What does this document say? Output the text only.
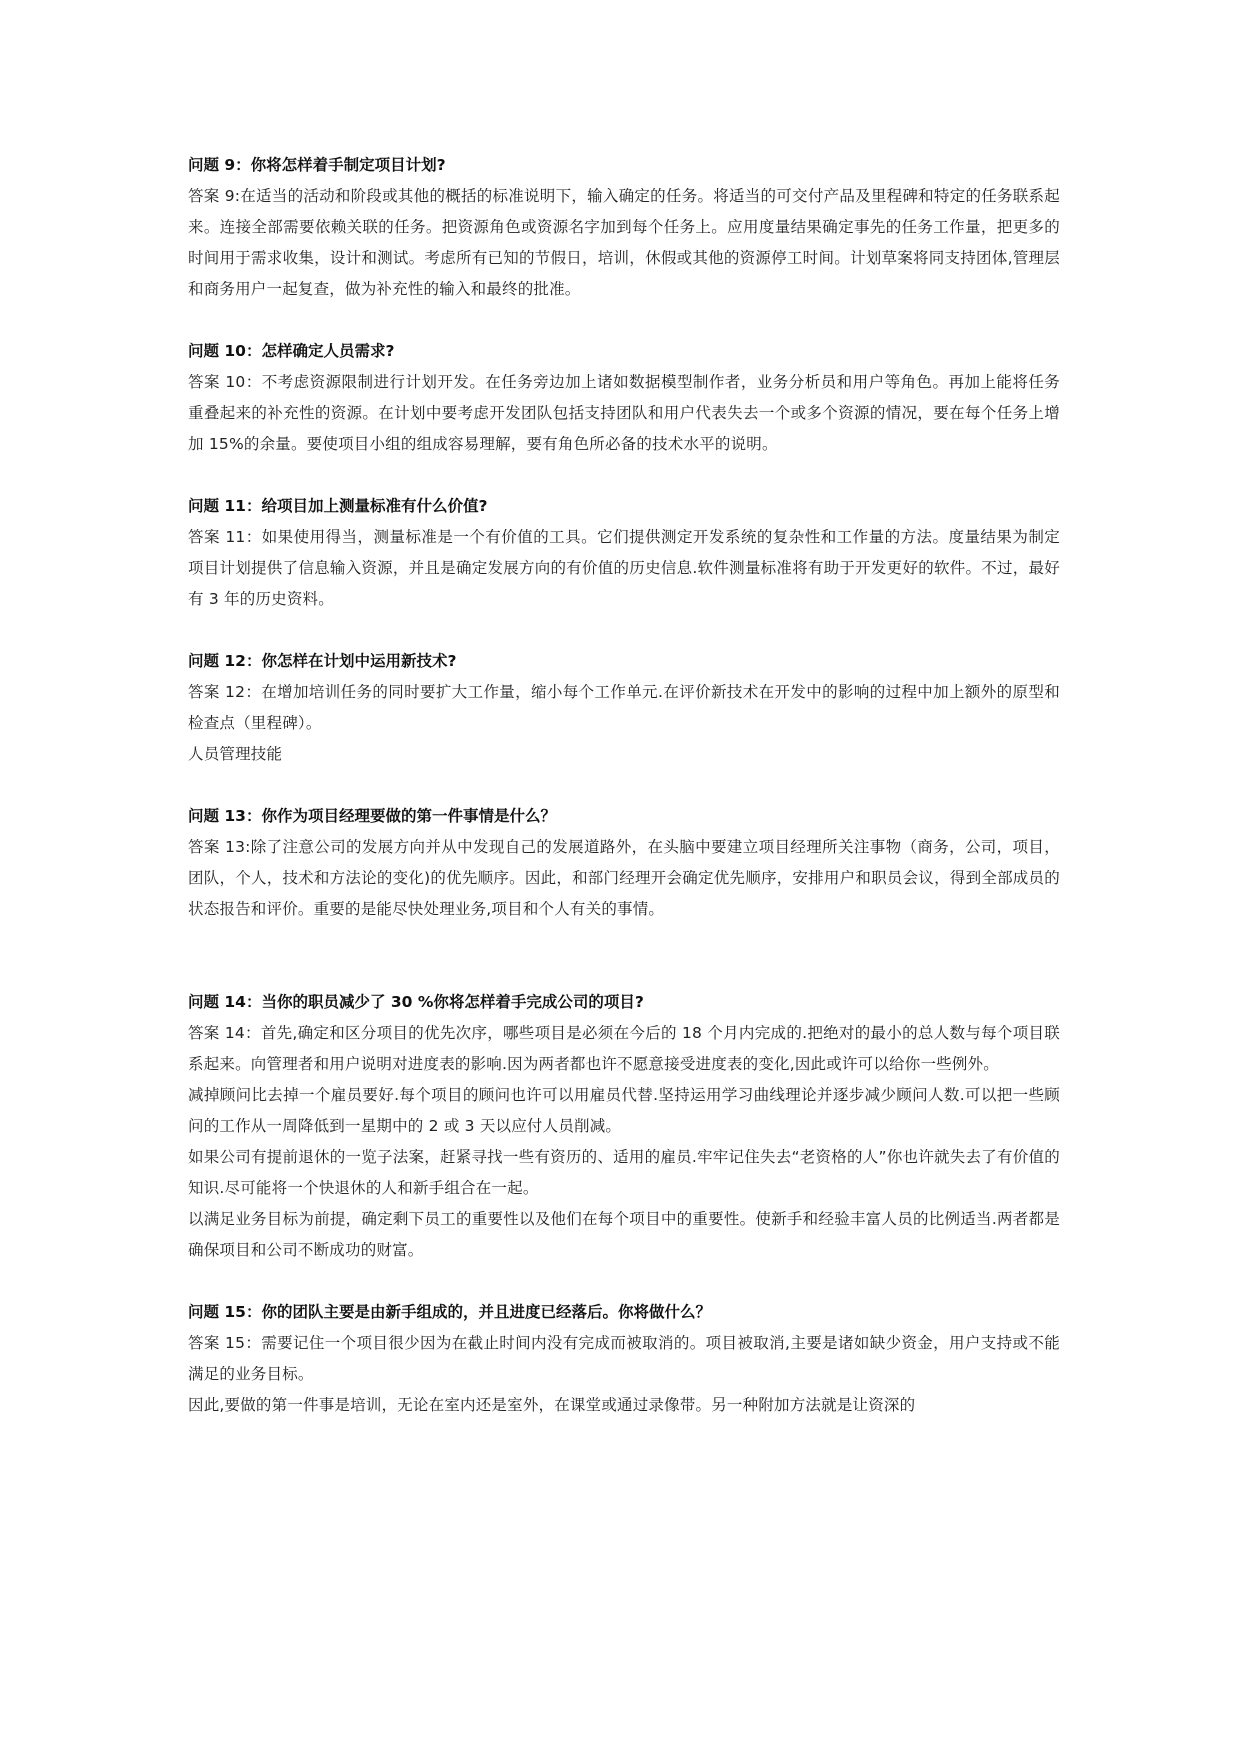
问题 9：你将怎样着手制定项目计划?

答案 9:在适当的活动和阶段或其他的概括的标准说明下，输入确定的任务。将适当的可交付产品及里程碑和特定的任务联系起来。连接全部需要依赖关联的任务。把资源角色或资源名字加到每个任务上。应用度量结果确定事先的任务工作量，把更多的时间用于需求收集，设计和测试。考虑所有已知的节假日，培训，休假或其他的资源停工时间。计划草案将同支持团体,管理层和商务用户一起复查，做为补充性的输入和最终的批准。

问题 10：怎样确定人员需求?

答案 10：不考虑资源限制进行计划开发。在任务旁边加上诸如数据模型制作者，业务分析员和用户等角色。再加上能将任务重叠起来的补充性的资源。在计划中要考虑开发团队包括支持团队和用户代表失去一个或多个资源的情况，要在每个任务上增加 15%的余量。要使项目小组的组成容易理解，要有角色所必备的技术水平的说明。

问题 11：给项目加上测量标准有什么价值?

答案 11：如果使用得当，测量标准是一个有价值的工具。它们提供测定开发系统的复杂性和工作量的方法。度量结果为制定项目计划提供了信息输入资源，并且是确定发展方向的有价值的历史信息.软件测量标准将有助于开发更好的软件。不过，最好有 3 年的历史资料。

问题 12：你怎样在计划中运用新技术?

答案 12：在增加培训任务的同时要扩大工作量，缩小每个工作单元.在评价新技术在开发中的影响的过程中加上额外的原型和检查点（里程碑）。

人员管理技能

问题 13：你作为项目经理要做的第一件事情是什么？

答案 13:除了注意公司的发展方向并从中发现自己的发展道路外，在头脑中要建立项目经理所关注事物（商务，公司，项目，团队，个人，技术和方法论的变化)的优先顺序。因此，和部门经理开会确定优先顺序，安排用户和职员会议，得到全部成员的状态报告和评价。重要的是能尽快处理业务,项目和个人有关的事情。

问题 14：当你的职员减少了 30 %你将怎样着手完成公司的项目?

答案 14：首先,确定和区分项目的优先次序，哪些项目是必须在今后的 18 个月内完成的.把绝对的最小的总人数与每个项目联系起来。向管理者和用户说明对进度表的影响.因为两者都也许不愿意接受进度表的变化,因此或许可以给你一些例外。

减掉顾问比去掉一个雇员要好.每个项目的顾问也许可以用雇员代替.坚持运用学习曲线理论并逐步减少顾问人数.可以把一些顾问的工作从一周降低到一星期中的 2 或 3 天以应付人员削减。

如果公司有提前退休的一览子法案，赶紧寻找一些有资历的、适用的雇员.牢牢记住失去“老资格的人”你也许就失去了有价值的知识.尽可能将一个快退休的人和新手组合在一起。

以满足业务目标为前提，确定剩下员工的重要性以及他们在每个项目中的重要性。使新手和经验丰富人员的比例适当.两者都是确保项目和公司不断成功的财富。

问题 15：你的团队主要是由新手组成的，并且进度已经落后。你将做什么？

答案 15：需要记住一个项目很少因为在截止时间内没有完成而被取消的。项目被取消,主要是诸如缺少资金，用户支持或不能满足的业务目标。

因此,要做的第一件事是培训，无论在室内还是室外，在课堂或通过录像带。另一种附加方法就是让资深的
